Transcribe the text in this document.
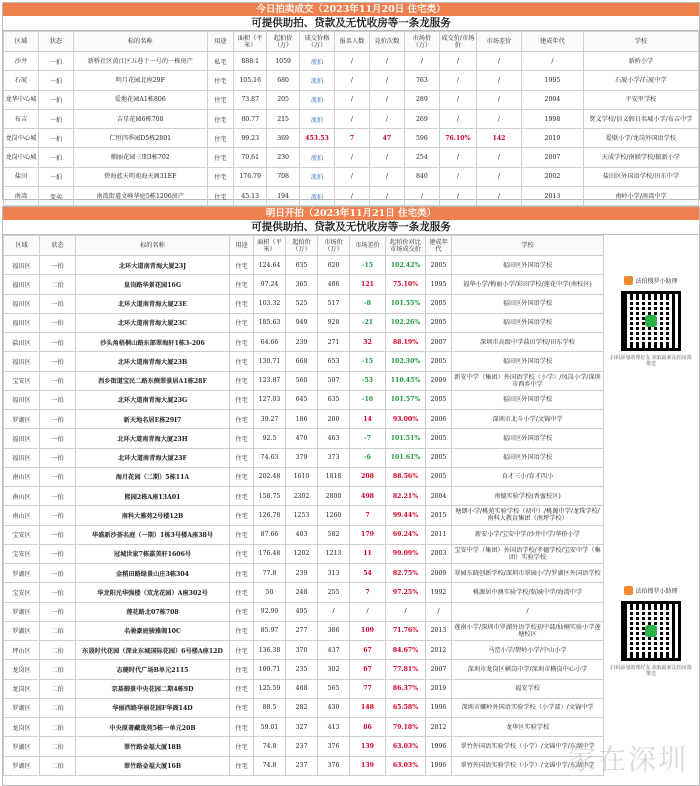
今日拍卖成交（2023年11月20日 住宅类）
可提供助拍、贷款及无忧收房等一条龙服务
区域	状态	标的名称	用途	面积（平米）	起拍价（万）	成交价格（万）	报名人数	竞价次数	市场价（万）	成交价/市场价	市场差价	建成年代	学校
沙井	一拍	新桥社区黄江区五巷十一号的一栋房产	私宅	888.1	1059	流拍	/	/	/	/	/	/	新桥小学
石厦	一拍	明月花园北座29F	住宅	105.16	680	流拍	/	/	763	/	/	1995	石厦小学/石厦中学
龙华中心城	一拍	爱地花园A1栋806	住宅	73.87	205	流拍	/	/	289	/	/	2004	平安里学校
布吉	一拍	吉星花园6栋708	住宅	80.77	215	流拍	/	/	269	/	/	1998	贤义学校/信义假日名城小学/布吉中学
龙岗中心城	一拍	仁恒四季园D5栋2801	住宅	99.23	369	453.53	7	47	596	76.10%	142	2019	爱联小学/龙岗外国语学校
龙岗中心城	一拍	榴丽花园三期3栋702	住宅	70.61	230	流拍	/	/	254	/	/	2007	天成学校/南联学校/振新小学
盐田	一拍	碧海蓝天明苑海天阁31EF	住宅	176.79	708	流拍	/	/	840	/	/	2002	盐田区外国语学校/田东中学
南湾	变卖	南湾街道文峰华庭5栋1206房产	住宅	45.13	194	流拍	/	/	/	/	/	2013	南岭小学/南湾中学
明日开拍（2023年11月21日 住宅类）
可提供助拍、贷款及无忧收房等一条龙服务
区域	状态	标的名称	用途	面积（平米）	起拍价（万）	市场价（万）	市场差价	起拍价对比市场成交价	建成年代	学校
福田区	一拍	北环大道南青海大厦23J	住宅	124.64	635	620	-15	102.42%	2005	福田区外国语学校
福田区	二拍	皇岗路华景花园16G	住宅	97.24	365	486	121	75.10%	1995	福华小学/梅丽小学/彩田学校/莲花中学(南校区)
福田区	一拍	北环大道南青海大厦23E	住宅	103.32	525	517	-8	101.55%	2005	福田区外国语学校
福田区	一拍	北环大道南青海大厦23C	住宅	185.63	949	928	-21	102.26%	2005	福田区外国语学校
盐田区	一拍	沙头角梧桐山路东部翠海轩1栋3-206	住宅	64.66	239	271	32	88.19%	2007	深圳市高级中学盐田学校/田东学校
福田区	一拍	北环大道南青海大厦23B	住宅	130.71	668	653	-15	102.30%	2005	福田区外国语学校
宝安区	一拍	西乡街道宝民二路东侧翠景居A1栋28F	住宅	123.87	560	507	-53	110.45%	2009	新安中学（集团）外国语学校（小学）/凤岗小学/深圳市西乡中学
福田区	一拍	北环大道南青海大厦23G	住宅	127.03	645	635	-10	101.57%	2005	福田区外国语学校
罗湖区	一拍	新天地名居E栋29I7	住宅	39.27	186	200	14	93.00%	2006	深圳市北斗小学/文锦中学
福田区	一拍	北环大道南青海大厦23H	住宅	92.5	470	463	-7	101.51%	2005	福田区外国语学校
福田区	一拍	北环大道南青海大厦23F	住宅	74.63	379	373	-6	101.61%	2005	福田区外国语学校
南山区	一拍	海月花园（二期）5栋11A	住宅	202.48	1610	1818	208	88.56%	2005	育才三小/育才四小
南山区	一拍	熙园2栋A座13A01	住宅	158.75	2302	2800	498	82.21%	2004	南德实验学校(香蜜校区)
南山区	一拍	南科大雅苑2号楼12B	住宅	126.78	1253	1260	7	99.44%	2015	塘朗小学/桃苑实验学校（初中）/桃源中学/龙珠学校/南科大教育集团（南坪学校）
宝安区	一拍	华盛新沙荟名庭（一期）1栋3号楼A座38号	住宅	87.66	403	582	179	69.24%	2011	新安小学/宝安中学/沙井中学/华侨小学
宝安区	一拍	冠城世家7栋嘉美轩1606号	住宅	176.48	1202	1213	11	99.09%	2003	宝安中学（集团）外国语学校/孝德学校/宝安中学（集团）实验学校
罗湖区	一拍	金稻田路绿景山庄3栋304	住宅	77.8	239	313	54	82.75%	2009	翠园东晓创新学校/深圳市翠园小学/罗湖区外国语学校
宝安区	一拍	华龙阳光华强楼（双龙花园）A座302号	住宅	50	248	255	7	97.25%	1992	桃源居中澳实验学校/航城中学/海湾中学
罗湖区	一拍	莲花路北07栋708	住宅	92.99	495	/	/	/	/	/
罗湖区	二拍	名骏豪庭骏雅阁10C	住宅	85.97	277	386	109	71.76%	2013	莲南小学/深圳市罗湖外语学校初中部/仙桐实验小学莲塘校区
坪山区	二拍	东晟时代花园（深业东城国际花园）6号楼A座12D	住宅	136.38	370	437	67	84.67%	2012	马峦小学/碧岭小学/中山小学
龙岗区	二拍	志健时代广场B单元2115	住宅	100.71	235	302	67	77.81%	2007	深圳市龙岗区横岗中学/深圳市横岗中心小学
龙岗区	二拍	京基御景中央花园二期4栋9D	住宅	125.59	488	565	77	86.37%	2019	福安学校
罗湖区	二拍	华丽西路华丽花园F华阁14D	住宅	88.5	282	430	148	65.58%	1996	深圳市螺岭外国语实验学校（小学部）/文锦中学
龙岗区	二拍	中央原著藏珑苑5栋一单元20B	住宅	59.01	327	413	86	79.18%	2012	龙华区实验学校
罗湖区	二拍	翠竹路金福大厦18B	住宅	74.8	237	376	139	63.03%	1996	翠竹外国语实验学校（小学）/文锦中学/东湖中学
罗湖区	二拍	翠竹路金福大厦16B	住宅	74.8	237	376	139	63.03%	1996	翠竹外国语实验学校（小学）/文锦中学/东湖中学
法拍搜罗小助理
扫码添加助理好友 获取最新法拍房源推送
法拍搜罗小助理
扫码添加助理好友 获取最新法拍房源推送
家在深圳
